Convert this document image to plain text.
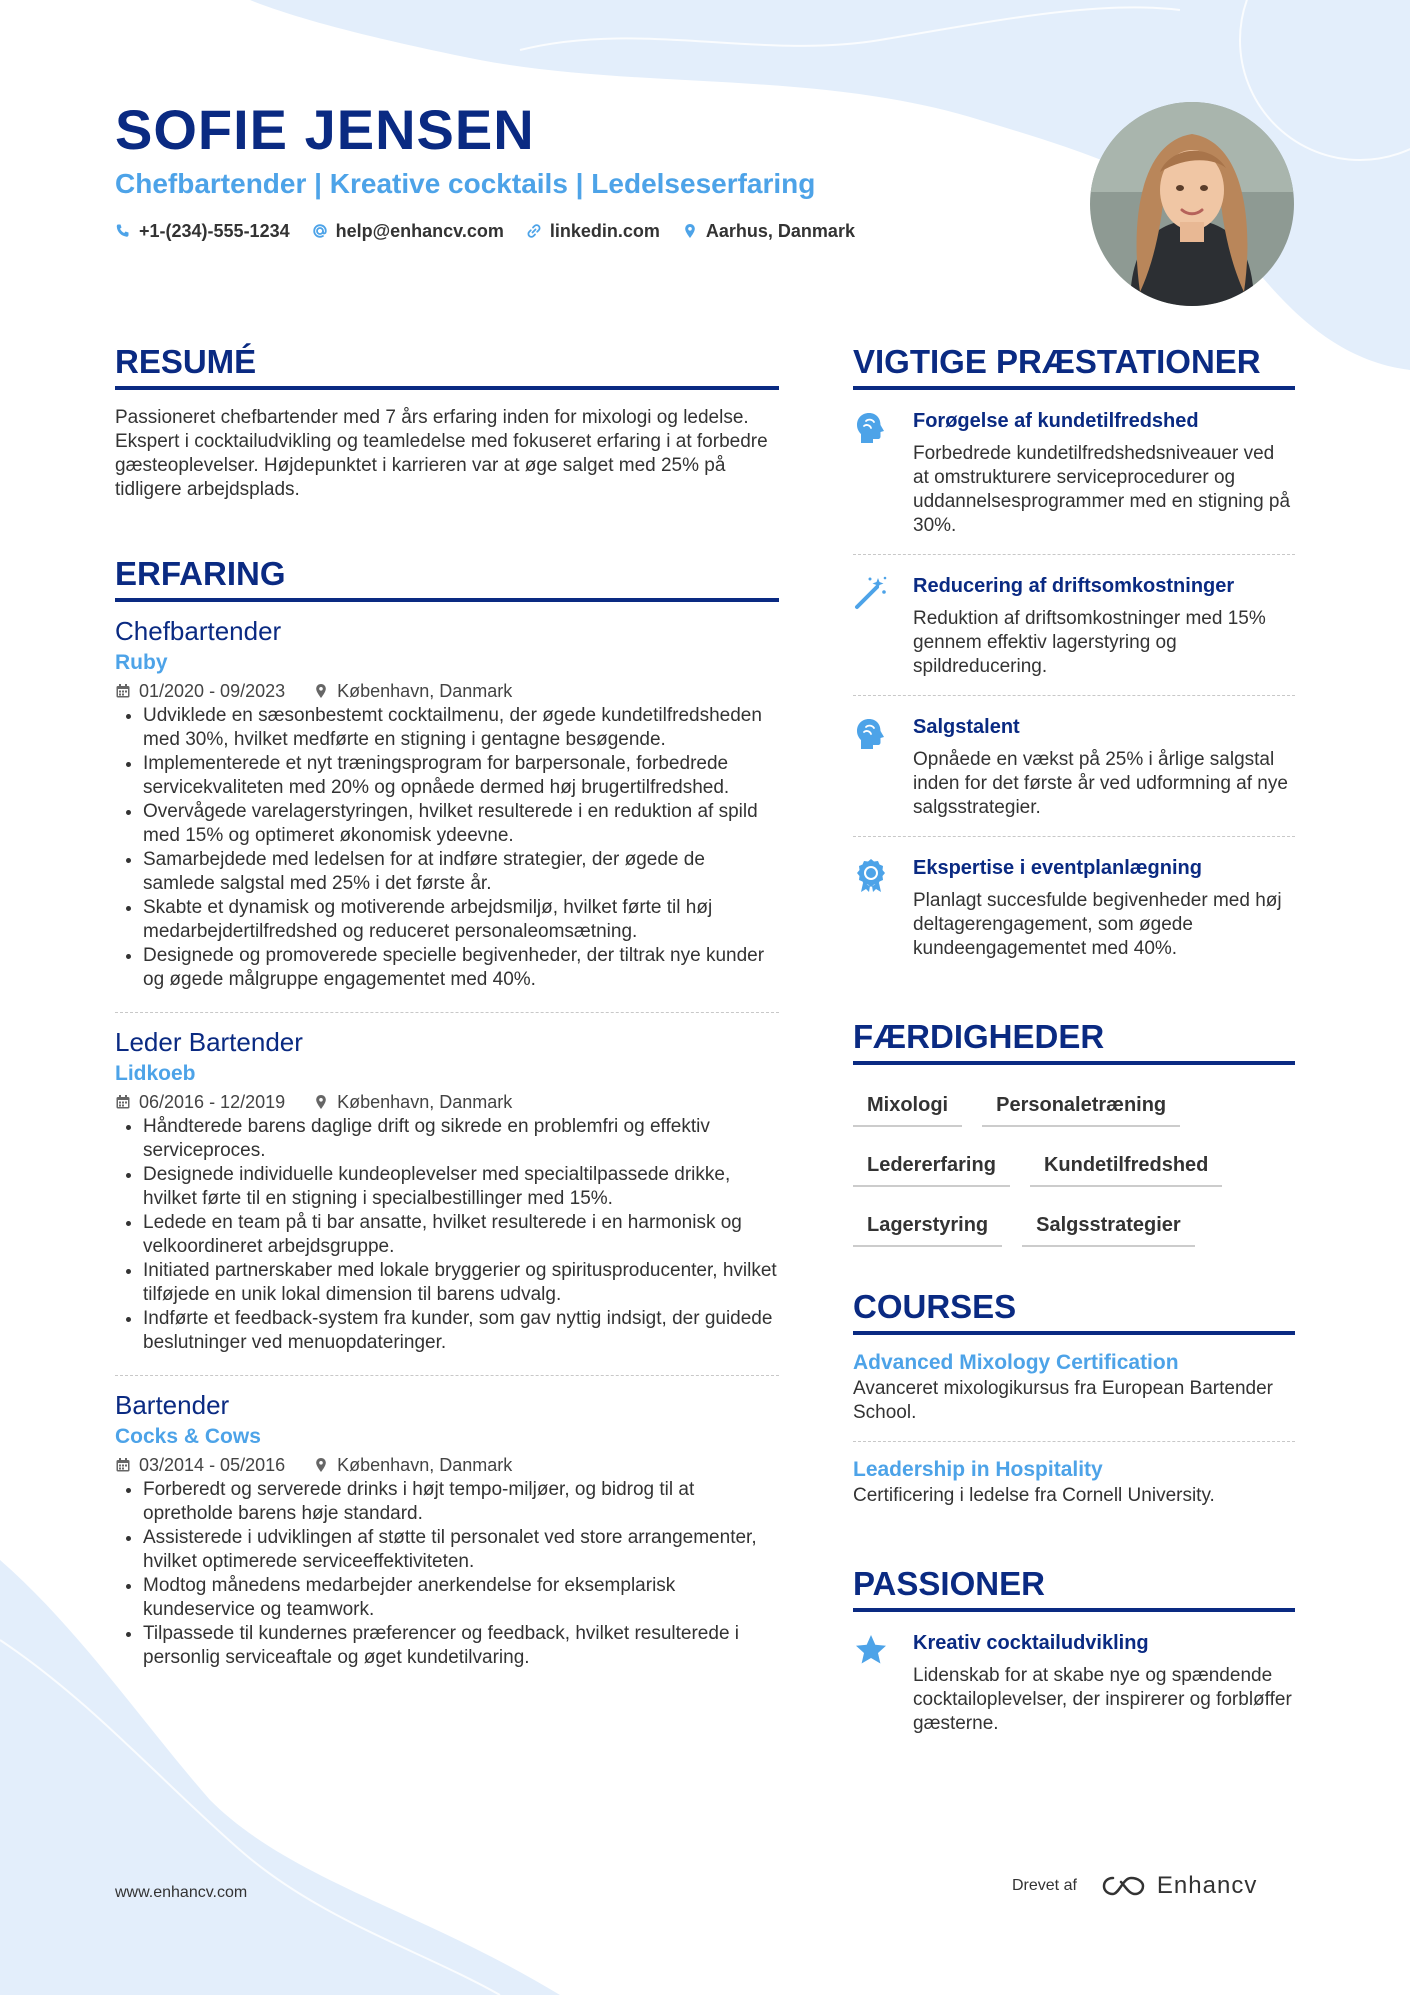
SOFIE JENSEN
Chefbartender | Kreative cocktails | Ledelseserfaring
+1-(234)-555-1234	help@enhancv.com	linkedin.com	Aarhus, Danmark
RESUMÉ
Passioneret chefbartender med 7 års erfaring inden for mixologi og ledelse. Ekspert i cocktailudvikling og teamledelse med fokuseret erfaring i at forbedre gæsteoplevelser. Højdepunktet i karrieren var at øge salget med 25% på tidligere arbejdsplads.
ERFARING
Chefbartender
Ruby
01/2020 - 09/2023	København, Danmark
• Udviklede en sæsonbestemt cocktailmenu, der øgede kundetilfredsheden med 30%, hvilket medførte en stigning i gentagne besøgende.
• Implementerede et nyt træningsprogram for barpersonale, forbedrede servicekvaliteten med 20% og opnåede dermed høj brugertilfredshed.
• Overvågede varelagerstyringen, hvilket resulterede i en reduktion af spild med 15% og optimeret økonomisk ydeevne.
• Samarbejdede med ledelsen for at indføre strategier, der øgede de samlede salgstal med 25% i det første år.
• Skabte et dynamisk og motiverende arbejdsmiljø, hvilket førte til høj medarbejdertilfredshed og reduceret personaleomsætning.
• Designede og promoverede specielle begivenheder, der tiltrak nye kunder og øgede målgruppe engagementet med 40%.
Leder Bartender
Lidkoeb
06/2016 - 12/2019	København, Danmark
• Håndterede barens daglige drift og sikrede en problemfri og effektiv serviceproces.
• Designede individuelle kundeoplevelser med specialtilpassede drikke, hvilket førte til en stigning i specialbestillinger med 15%.
• Ledede en team på ti bar ansatte, hvilket resulterede i en harmonisk og velkoordineret arbejdsgruppe.
• Initiated partnerskaber med lokale bryggerier og spiritusproducenter, hvilket tilføjede en unik lokal dimension til barens udvalg.
• Indførte et feedback-system fra kunder, som gav nyttig indsigt, der guidede beslutninger ved menuopdateringer.
Bartender
Cocks & Cows
03/2014 - 05/2016	København, Danmark
• Forberedt og serverede drinks i højt tempo-miljøer, og bidrog til at opretholde barens høje standard.
• Assisterede i udviklingen af støtte til personalet ved store arrangementer, hvilket optimerede serviceeffektiviteten.
• Modtog månedens medarbejder anerkendelse for eksemplarisk kundeservice og teamwork.
• Tilpassede til kundernes præferencer og feedback, hvilket resulterede i personlig serviceaftale og øget kundetilvaring.
VIGTIGE PRÆSTATIONER
Forøgelse af kundetilfredshed
Forbedrede kundetilfredshedsniveauer ved at omstrukturere serviceprocedurer og uddannelsesprogrammer med en stigning på 30%.
Reducering af driftsomkostninger
Reduktion af driftsomkostninger med 15% gennem effektiv lagerstyring og spildreducering.
Salgstalent
Opnåede en vækst på 25% i årlige salgstal inden for det første år ved udformning af nye salgsstrategier.
Ekspertise i eventplanlægning
Planlagt succesfulde begivenheder med høj deltagerengagement, som øgede kundeengagementet med 40%.
FÆRDIGHEDER
Mixologi	Personaletræning
Ledererfaring	Kundetilfredshed
Lagerstyring	Salgsstrategier
COURSES
Advanced Mixology Certification
Avanceret mixologikursus fra European Bartender School.
Leadership in Hospitality
Certificering i ledelse fra Cornell University.
PASSIONER
Kreativ cocktailudvikling
Lidenskab for at skabe nye og spændende cocktailoplevelser, der inspirerer og forbløffer gæsterne.
www.enhancv.com	Drevet af	Enhancv
